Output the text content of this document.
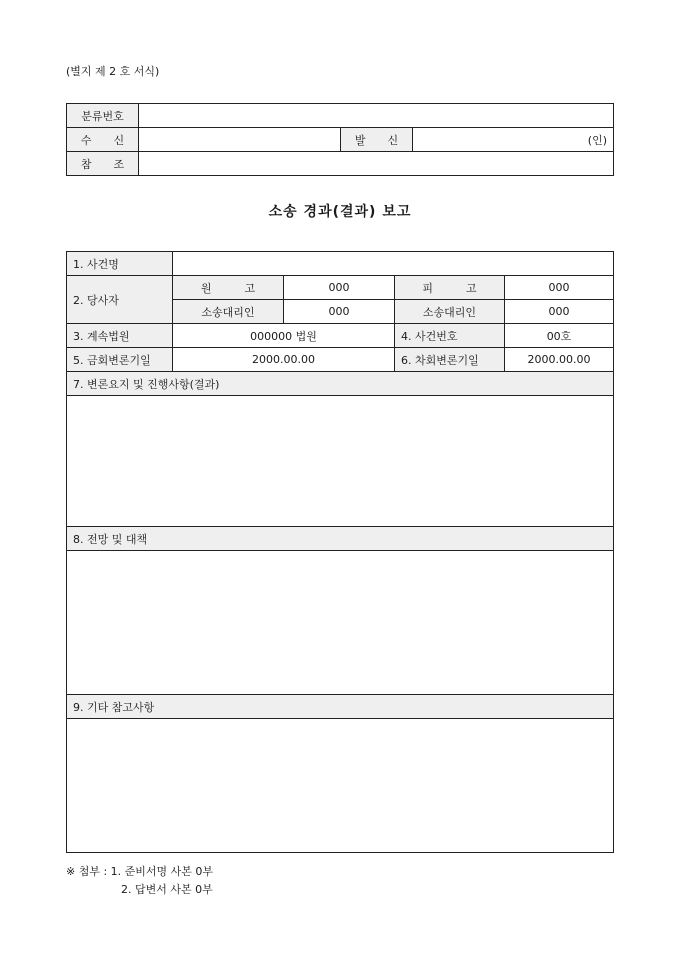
(별지 제 2 호 서식)
분류번호			
수　　신		발　　신	(인)
참　　조			
소송 경과(결과) 보고
1. 사건명				
2. 당사자	원　　　고	000	피　　　고	000
	소송대리인	000	소송대리인	000
3. 계속법원	000000 법원		4. 사건번호	00호
5. 금회변론기일	2000.00.00		6. 차회변론기일	2000.00.00
7. 변론요지 및 진행사항(결과)				

8. 전망 및 대책				

9. 기타 참고사항				

※ 첨부 : 1. 준비서명 사본 0부
2. 답변서 사본 0부
